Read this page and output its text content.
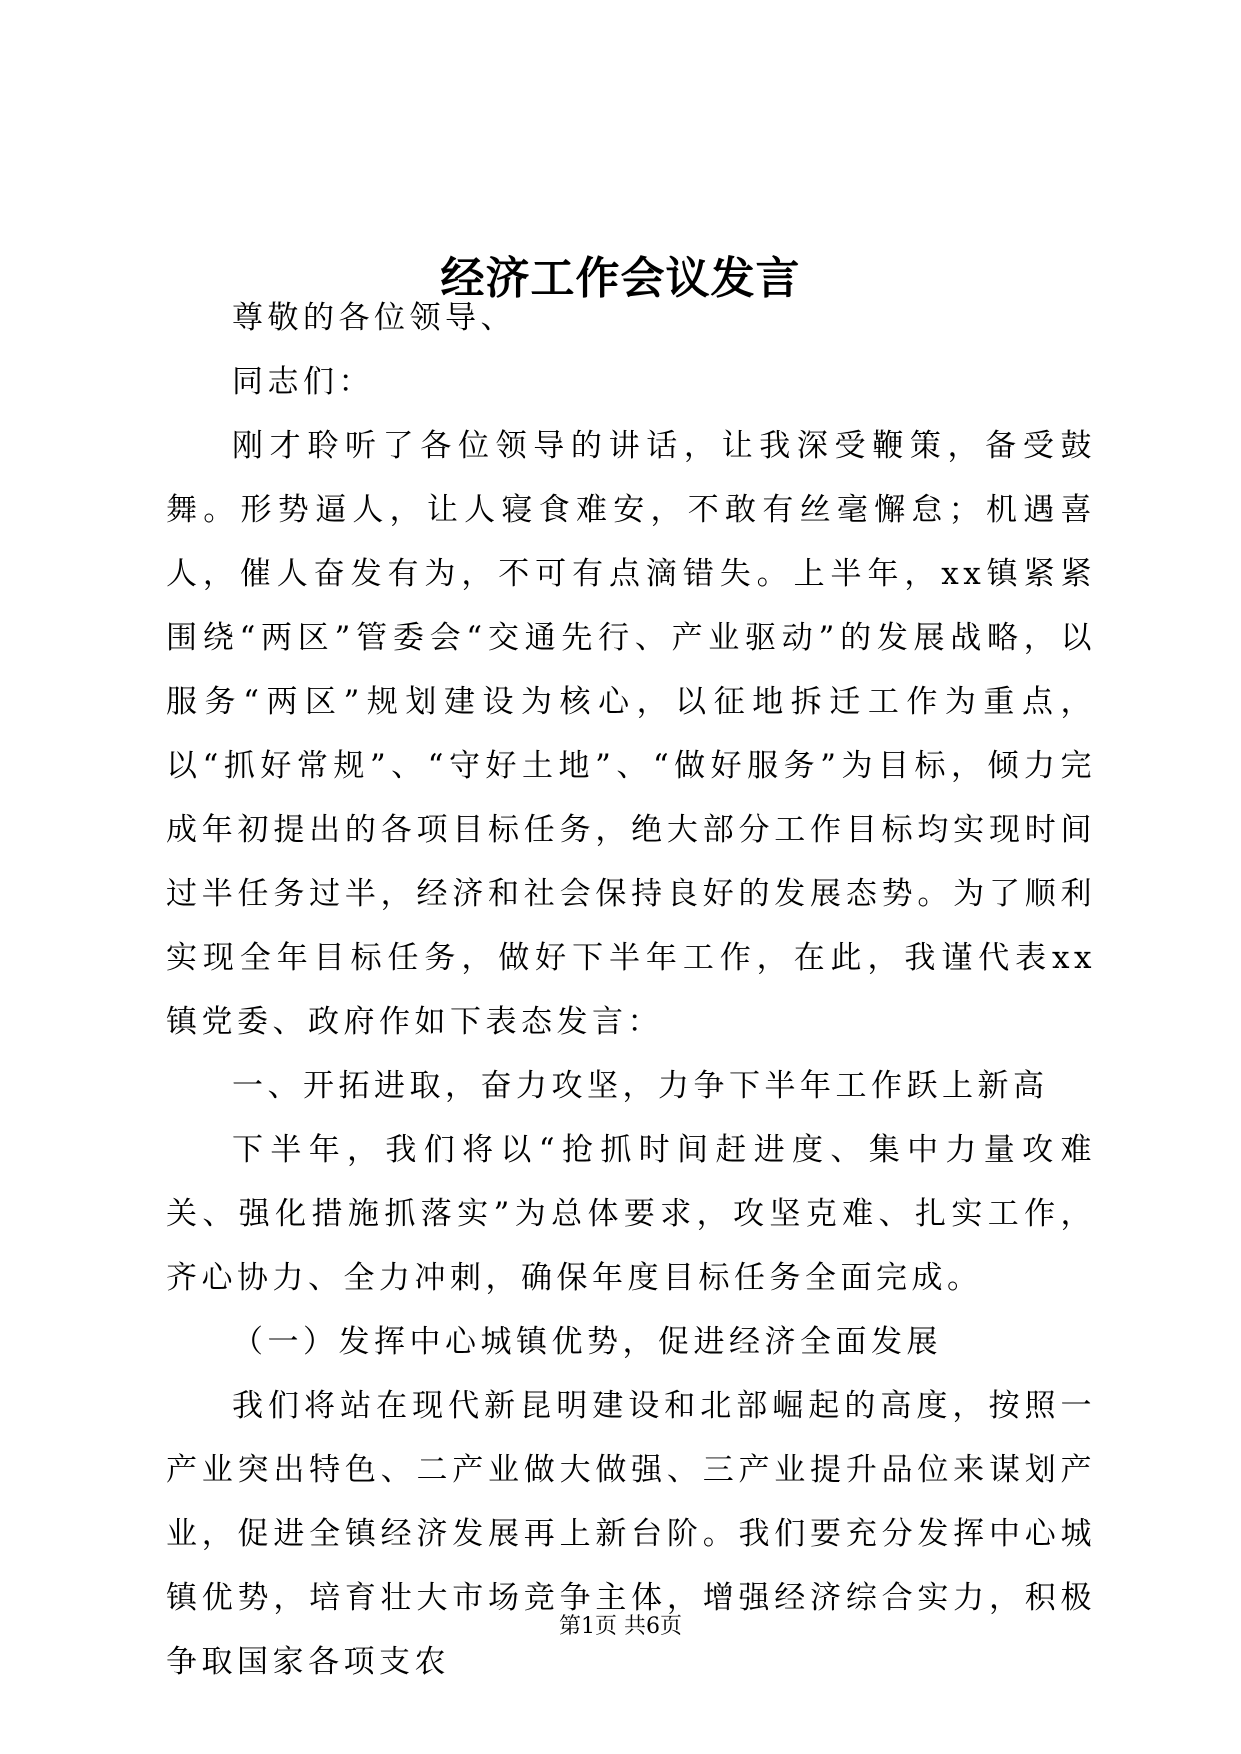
经济工作会议发言

尊敬的各位领导、

同志们：

刚才聆听了各位领导的讲话，让我深受鞭策，备受鼓舞。形势逼人，让人寝食难安，不敢有丝毫懈怠；机遇喜人，催人奋发有为，不可有点滴错失。上半年，xx镇紧紧围绕“两区”管委会“交通先行、产业驱动”的发展战略，以服务“两区”规划建设为核心，以征地拆迁工作为重点，以“抓好常规”、“守好土地”、“做好服务”为目标，倾力完成年初提出的各项目标任务，绝大部分工作目标均实现时间过半任务过半，经济和社会保持良好的发展态势。为了顺利实现全年目标任务，做好下半年工作，在此，我谨代表xx镇党委、政府作如下表态发言：

一、开拓进取，奋力攻坚，力争下半年工作跃上新高

下半年，我们将以“抢抓时间赶进度、集中力量攻难关、强化措施抓落实”为总体要求，攻坚克难、扎实工作，齐心协力、全力冲刺，确保年度目标任务全面完成。

（一）发挥中心城镇优势，促进经济全面发展

我们将站在现代新昆明建设和北部崛起的高度，按照一产业突出特色、二产业做大做强、三产业提升品位来谋划产业，促进全镇经济发展再上新台阶。我们要充分发挥中心城镇优势，培育壮大市场竞争主体，增强经济综合实力，积极争取国家各项支农

第1页 共6页
